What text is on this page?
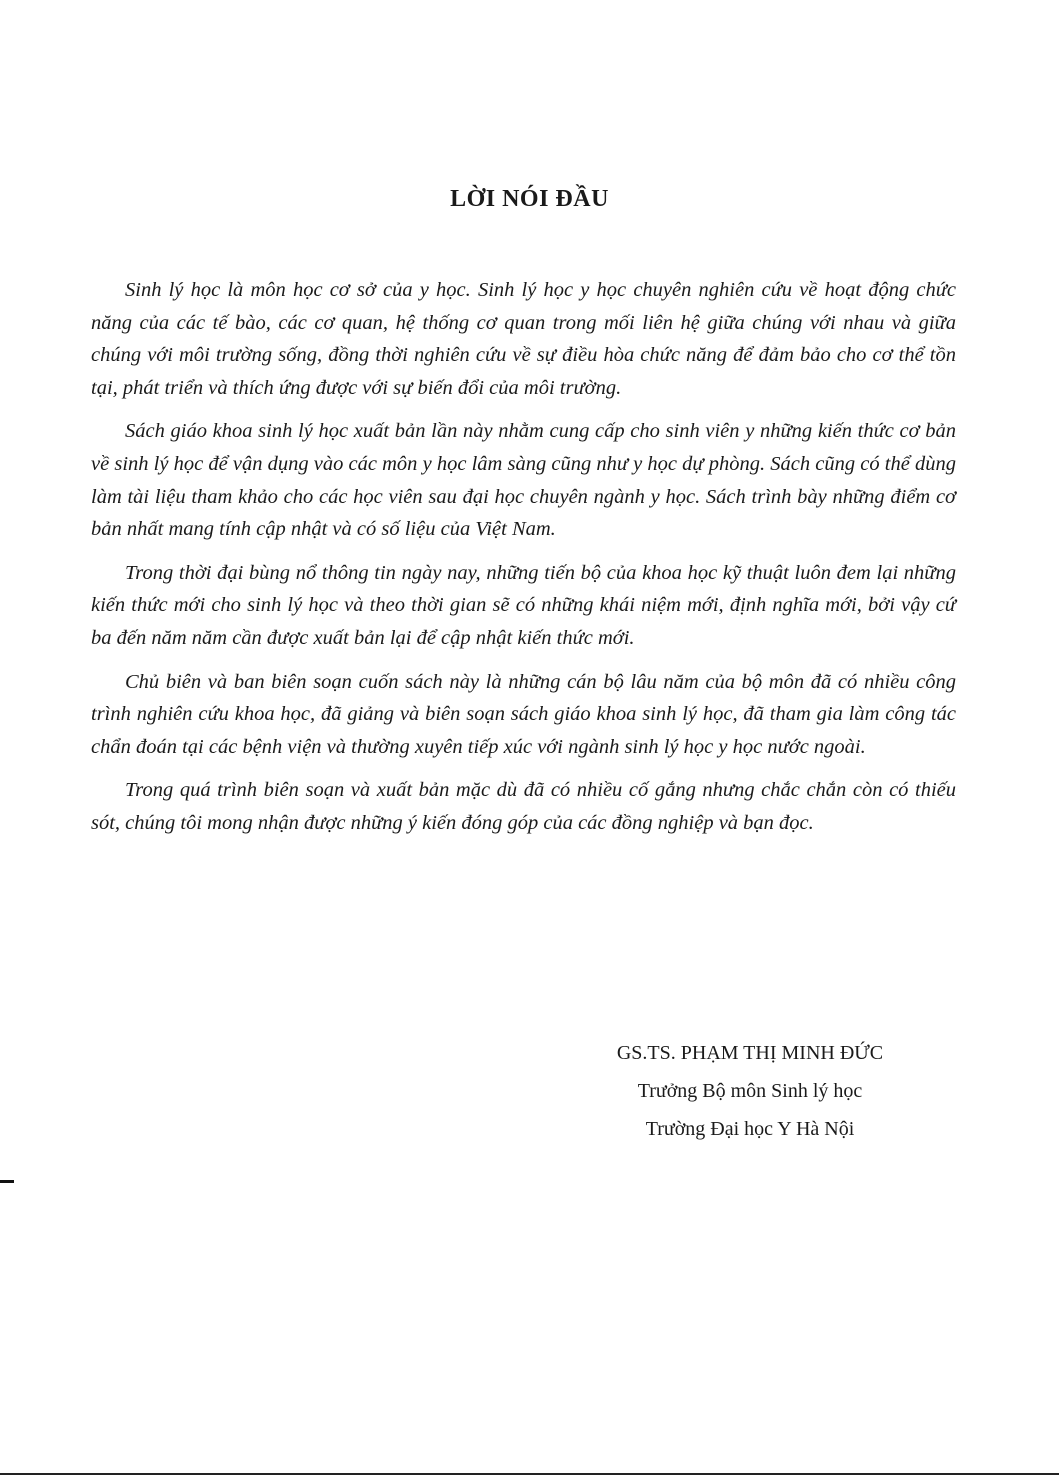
LỜI NÓI ĐẦU

Sinh lý học là môn học cơ sở của y học. Sinh lý học y học chuyên nghiên cứu về hoạt động chức năng của các tế bào, các cơ quan, hệ thống cơ quan trong mối liên hệ giữa chúng với nhau và giữa chúng với môi trường sống, đồng thời nghiên cứu về sự điều hòa chức năng để đảm bảo cho cơ thể tồn tại, phát triển và thích ứng được với sự biến đổi của môi trường.

Sách giáo khoa sinh lý học xuất bản lần này nhằm cung cấp cho sinh viên y những kiến thức cơ bản về sinh lý học để vận dụng vào các môn y học lâm sàng cũng như y học dự phòng. Sách cũng có thể dùng làm tài liệu tham khảo cho các học viên sau đại học chuyên ngành y học. Sách trình bày những điểm cơ bản nhất mang tính cập nhật và có số liệu của Việt Nam.

Trong thời đại bùng nổ thông tin ngày nay, những tiến bộ của khoa học kỹ thuật luôn đem lại những kiến thức mới cho sinh lý học và theo thời gian sẽ có những khái niệm mới, định nghĩa mới, bởi vậy cứ ba đến năm năm cần được xuất bản lại để cập nhật kiến thức mới.

Chủ biên và ban biên soạn cuốn sách này là những cán bộ lâu năm của bộ môn đã có nhiều công trình nghiên cứu khoa học, đã giảng và biên soạn sách giáo khoa sinh lý học, đã tham gia làm công tác chẩn đoán tại các bệnh viện và thường xuyên tiếp xúc với ngành sinh lý học y học nước ngoài.

Trong quá trình biên soạn và xuất bản mặc dù đã có nhiều cố gắng nhưng chắc chắn còn có thiếu sót, chúng tôi mong nhận được những ý kiến đóng góp của các đồng nghiệp và bạn đọc.

GS.TS. PHẠM THỊ MINH ĐỨC
Trưởng Bộ môn Sinh lý học
Trường Đại học Y Hà Nội
